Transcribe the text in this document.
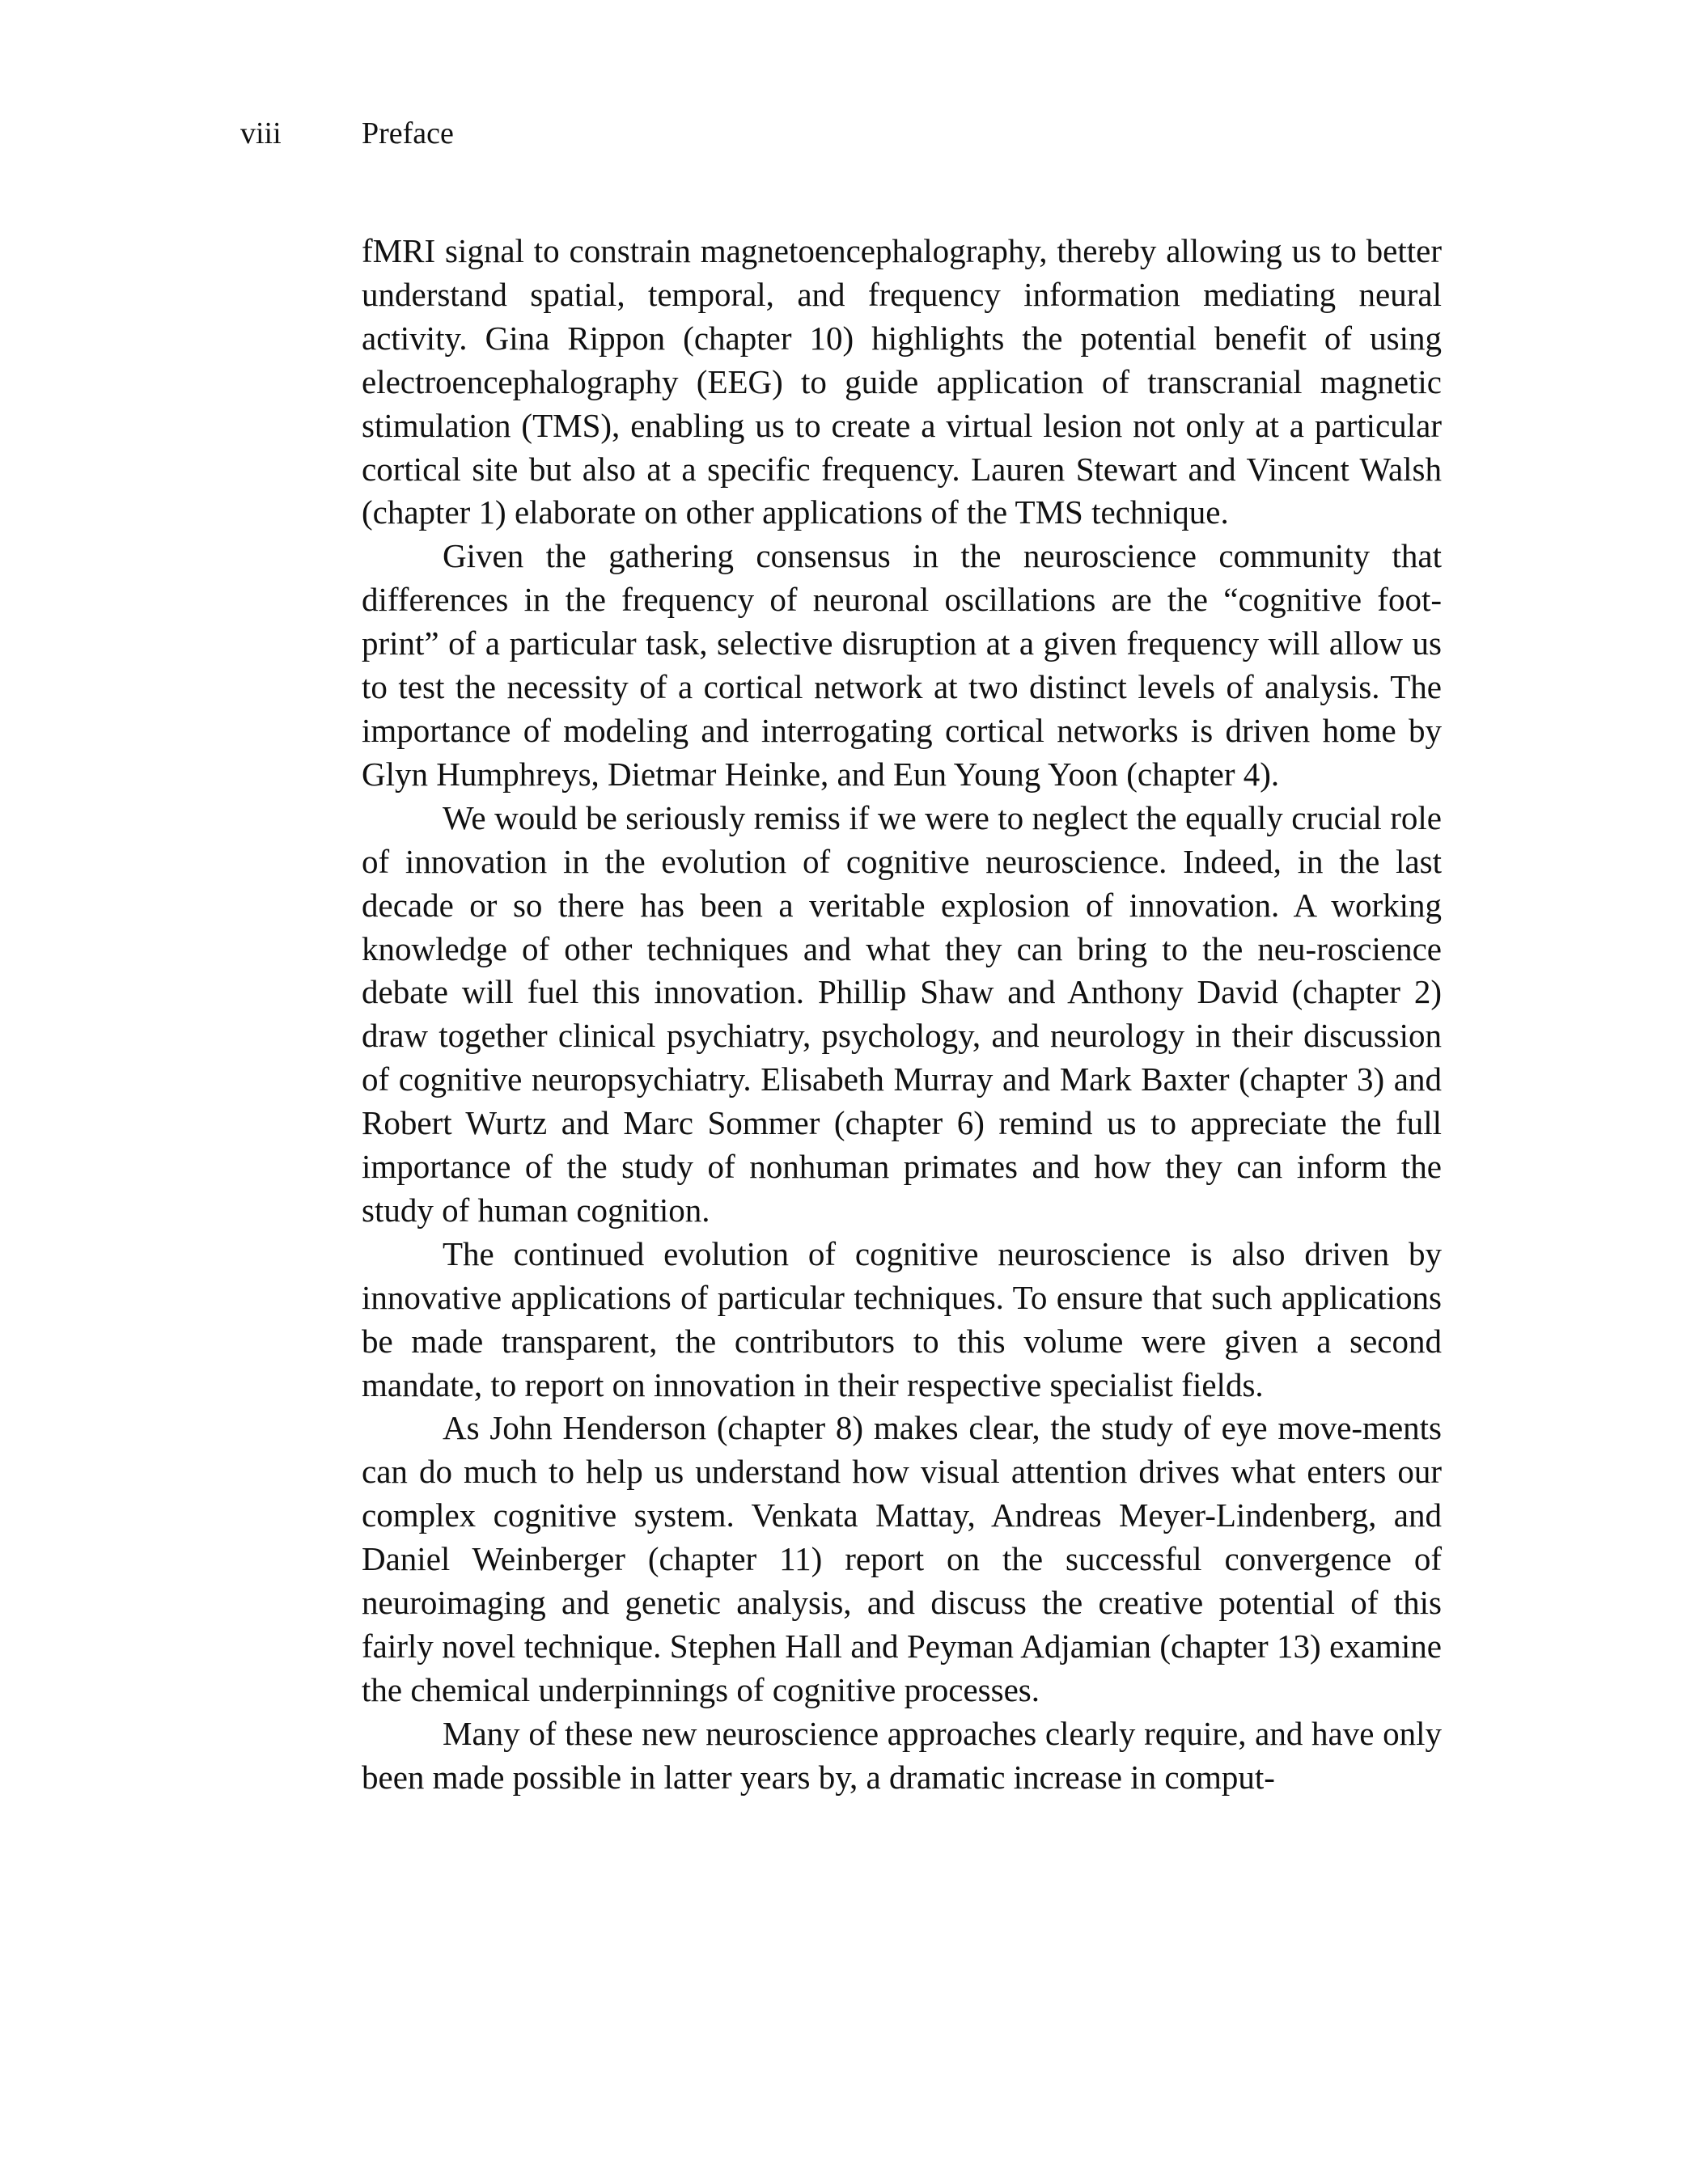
viii	Preface

fMRI signal to constrain magnetoencephalography, thereby allowing us to better understand spatial, temporal, and frequency information mediating neural activity. Gina Rippon (chapter 10) highlights the potential benefit of using electroencephalography (EEG) to guide application of transcranial magnetic stimulation (TMS), enabling us to create a virtual lesion not only at a particular cortical site but also at a specific frequency. Lauren Stewart and Vincent Walsh (chapter 1) elaborate on other applications of the TMS technique.

Given the gathering consensus in the neuroscience community that differences in the frequency of neuronal oscillations are the “cognitive foot-print” of a particular task, selective disruption at a given frequency will allow us to test the necessity of a cortical network at two distinct levels of analysis. The importance of modeling and interrogating cortical networks is driven home by Glyn Humphreys, Dietmar Heinke, and Eun Young Yoon (chapter 4).

We would be seriously remiss if we were to neglect the equally crucial role of innovation in the evolution of cognitive neuroscience. Indeed, in the last decade or so there has been a veritable explosion of innovation. A working knowledge of other techniques and what they can bring to the neu-roscience debate will fuel this innovation. Phillip Shaw and Anthony David (chapter 2) draw together clinical psychiatry, psychology, and neurology in their discussion of cognitive neuropsychiatry. Elisabeth Murray and Mark Baxter (chapter 3) and Robert Wurtz and Marc Sommer (chapter 6) remind us to appreciate the full importance of the study of nonhuman primates and how they can inform the study of human cognition.

The continued evolution of cognitive neuroscience is also driven by innovative applications of particular techniques. To ensure that such applications be made transparent, the contributors to this volume were given a second mandate, to report on innovation in their respective specialist fields.

As John Henderson (chapter 8) makes clear, the study of eye move-ments can do much to help us understand how visual attention drives what enters our complex cognitive system. Venkata Mattay, Andreas Meyer-Lindenberg, and Daniel Weinberger (chapter 11) report on the successful convergence of neuroimaging and genetic analysis, and discuss the creative potential of this fairly novel technique. Stephen Hall and Peyman Adjamian (chapter 13) examine the chemical underpinnings of cognitive processes.

Many of these new neuroscience approaches clearly require, and have only been made possible in latter years by, a dramatic increase in comput-
